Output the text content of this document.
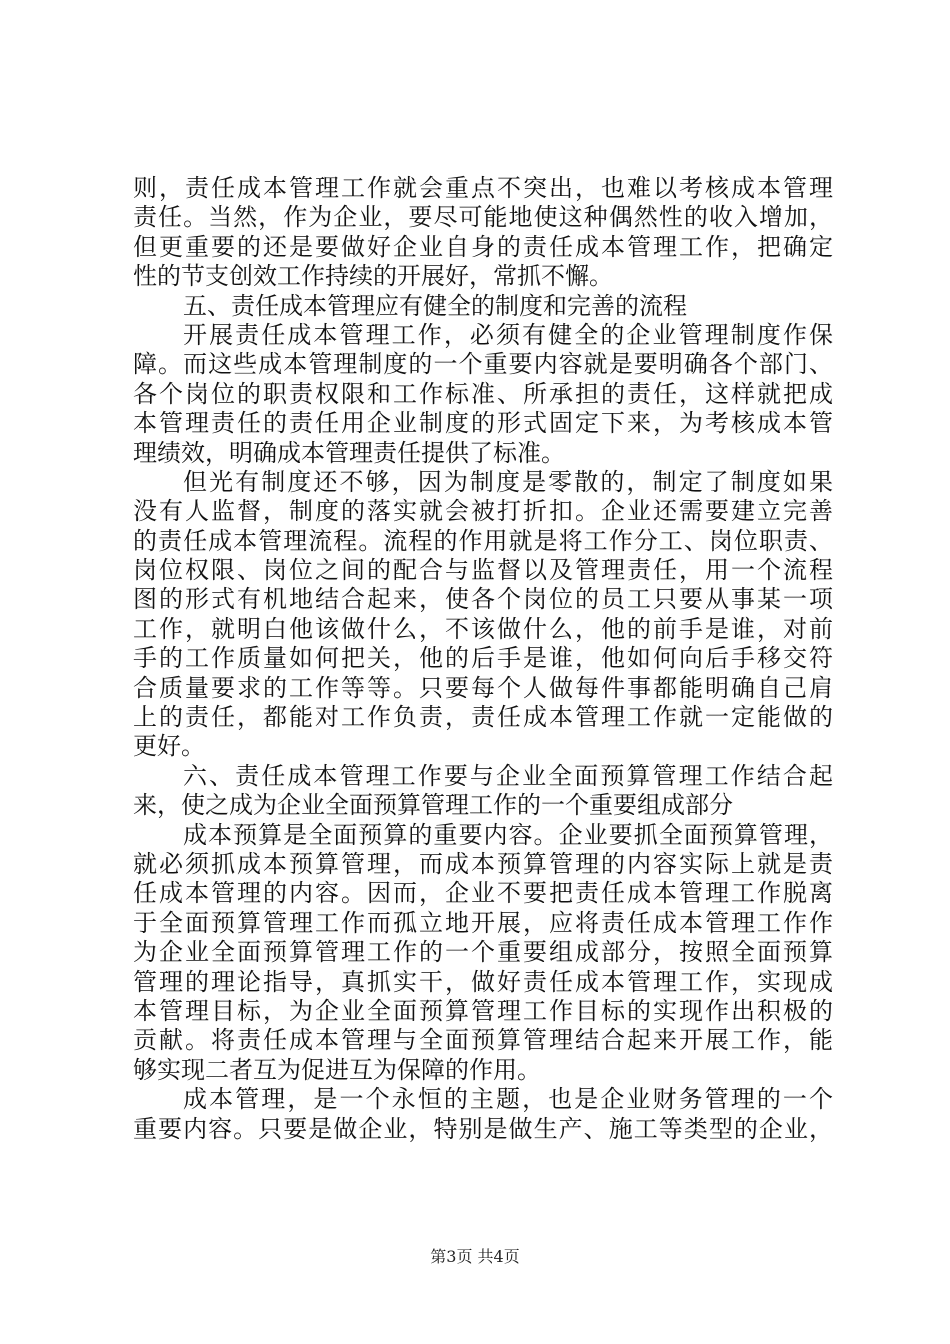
则，责任成本管理工作就会重点不突出，也难以考核成本管理
责任。当然，作为企业，要尽可能地使这种偶然性的收入增加，
但更重要的还是要做好企业自身的责任成本管理工作，把确定
性的节支创效工作持续的开展好，常抓不懈。
五、责任成本管理应有健全的制度和完善的流程
开展责任成本管理工作，必须有健全的企业管理制度作保
障。而这些成本管理制度的一个重要内容就是要明确各个部门、
各个岗位的职责权限和工作标准、所承担的责任，这样就把成
本管理责任的责任用企业制度的形式固定下来，为考核成本管
理绩效，明确成本管理责任提供了标准。
但光有制度还不够，因为制度是零散的，制定了制度如果
没有人监督，制度的落实就会被打折扣。企业还需要建立完善
的责任成本管理流程。流程的作用就是将工作分工、岗位职责、
岗位权限、岗位之间的配合与监督以及管理责任，用一个流程
图的形式有机地结合起来，使各个岗位的员工只要从事某一项
工作，就明白他该做什么，不该做什么，他的前手是谁，对前
手的工作质量如何把关，他的后手是谁，他如何向后手移交符
合质量要求的工作等等。只要每个人做每件事都能明确自己肩
上的责任，都能对工作负责，责任成本管理工作就一定能做的
更好。
六、责任成本管理工作要与企业全面预算管理工作结合起
来，使之成为企业全面预算管理工作的一个重要组成部分
成本预算是全面预算的重要内容。企业要抓全面预算管理，
就必须抓成本预算管理，而成本预算管理的内容实际上就是责
任成本管理的内容。因而，企业不要把责任成本管理工作脱离
于全面预算管理工作而孤立地开展，应将责任成本管理工作作
为企业全面预算管理工作的一个重要组成部分，按照全面预算
管理的理论指导，真抓实干，做好责任成本管理工作，实现成
本管理目标，为企业全面预算管理工作目标的实现作出积极的
贡献。将责任成本管理与全面预算管理结合起来开展工作，能
够实现二者互为促进互为保障的作用。
成本管理，是一个永恒的主题，也是企业财务管理的一个
重要内容。只要是做企业，特别是做生产、施工等类型的企业，
第3页 共4页
